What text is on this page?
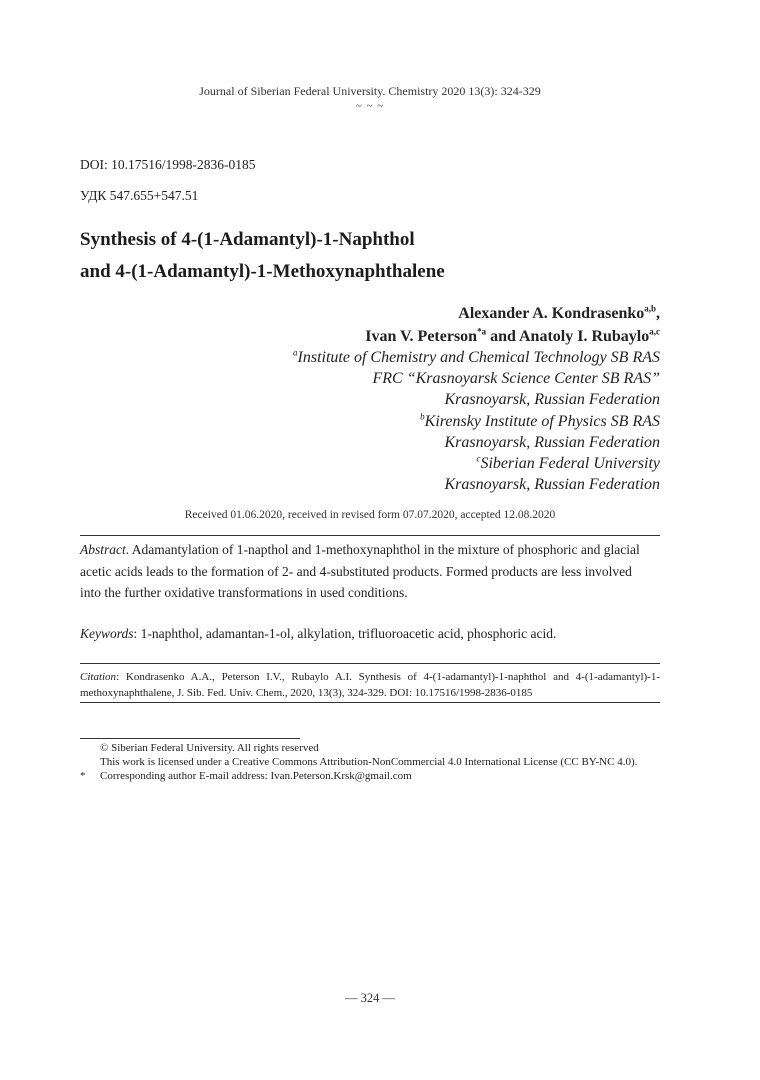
Journal of Siberian Federal University. Chemistry 2020 13(3): 324-329
~ ~ ~
DOI: 10.17516/1998-2836-0185
УДК 547.655+547.51
Synthesis of 4-(1-Adamantyl)-1-Naphthol
and 4-(1-Adamantyl)-1-Methoxynaphthalene
Alexander A. Kondrasenko$^{a,b}$,
Ivan V. Peterson$^{*a}$ and Anatoly I. Rubaylo$^{a,c}$
$^a$Institute of Chemistry and Chemical Technology SB RAS
FRC “Krasnoyarsk Science Center SB RAS”
Krasnoyarsk, Russian Federation
$^b$Kirensky Institute of Physics SB RAS
Krasnoyarsk, Russian Federation
$^c$Siberian Federal University
Krasnoyarsk, Russian Federation
Received 01.06.2020, received in revised form 07.07.2020, accepted 12.08.2020
Abstract. Adamantylation of 1-napthol and 1-methoxynaphthol in the mixture of phosphoric and glacial
acetic acids leads to the formation of 2- and 4-substituted products. Formed products are less involved
into the further oxidative transformations in used conditions.
Keywords: 1-naphthol, adamantan-1-ol, alkylation, trifluoroacetic acid, phosphoric acid.
Citation: Kondrasenko A.A., Peterson I.V., Rubaylo A.I. Synthesis of 4-(1-adamantyl)-1-naphthol and 4-(1-adamantyl)-1-methoxynaphthalene, J. Sib. Fed. Univ. Chem., 2020, 13(3), 324-329. DOI: 10.17516/1998-2836-0185
© Siberian Federal University. All rights reserved
This work is licensed under a Creative Commons Attribution-NonCommercial 4.0 International License (CC BY-NC 4.0).
* Corresponding author E-mail address: Ivan.Peterson.Krsk@gmail.com
— 324 —
